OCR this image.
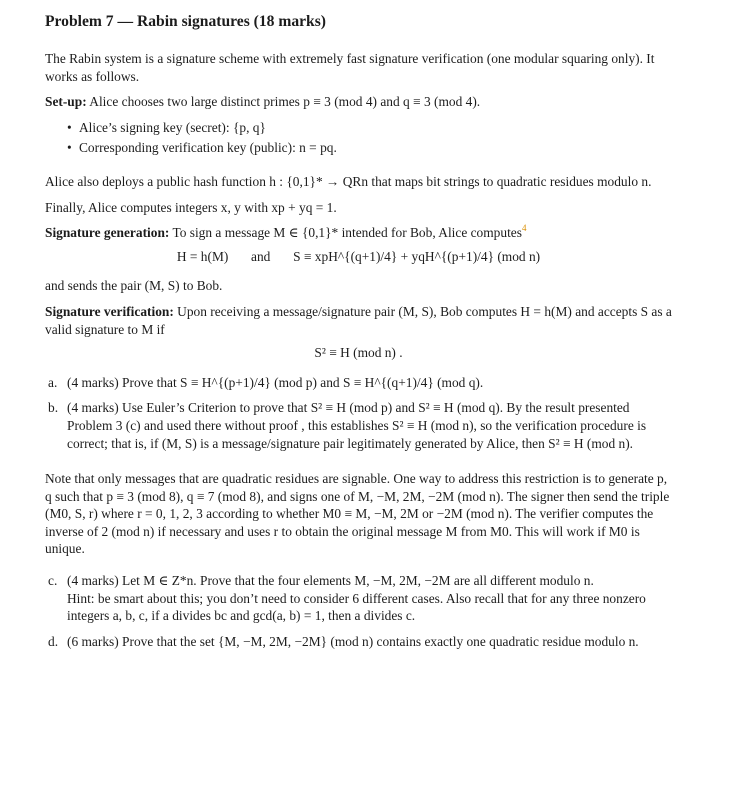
Problem 7 — Rabin signatures (18 marks)

The Rabin system is a signature scheme with extremely fast signature verification (one modular squaring only). It works as follows.

Set-up: Alice chooses two large distinct primes p ≡ 3 (mod 4) and q ≡ 3 (mod 4).

• Alice’s signing key (secret): {p, q}
• Corresponding verification key (public): n = pq.

Alice also deploys a public hash function h : {0,1}* → QRn that maps bit strings to quadratic residues modulo n.

Finally, Alice computes integers x, y with xp + yq = 1.

Signature generation: To sign a message M ∈ {0,1}* intended for Bob, Alice computes$^4$

H = h(M) and S ≡ xpH^{(q+1)/4} + yqH^{(p+1)/4} (mod n)

and sends the pair (M, S) to Bob.

Signature verification: Upon receiving a message/signature pair (M, S), Bob computes H = h(M) and accepts S as a valid signature to M if

S² ≡ H (mod n) .
a. (4 marks) Prove that S ≡ H^{(p+1)/4} (mod p) and S ≡ H^{(q+1)/4} (mod q).
b. (4 marks) Use Euler’s Criterion to prove that S² ≡ H (mod p) and S² ≡ H (mod q). By the result presented Problem 3 (c) and used there without proof , this establishes S² ≡ H (mod n), so the verification procedure is correct; that is, if (M, S) is a message/signature pair legitimately generated by Alice, then S² ≡ H (mod n).

Note that only messages that are quadratic residues are signable. One way to address this restriction is to generate p, q such that p ≡ 3 (mod 8), q ≡ 7 (mod 8), and signs one of M, −M, 2M, −2M (mod n). The signer then send the triple (M0, S, r) where r = 0, 1, 2, 3 according to whether M0 ≡ M, −M, 2M or −2M (mod n). The verifier computes the inverse of 2 (mod n) if necessary and uses r to obtain the original message M from M0. This will work if M0 is unique.

c. (4 marks) Let M ∈ Z*n. Prove that the four elements M, −M, 2M, −2M are all different modulo n.
Hint: be smart about this; you don’t need to consider 6 different cases. Also recall that for any three nonzero integers a, b, c, if a divides bc and gcd(a, b) = 1, then a divides c.
d. (6 marks) Prove that the set {M, −M, 2M, −2M} (mod n) contains exactly one quadratic residue modulo n.
